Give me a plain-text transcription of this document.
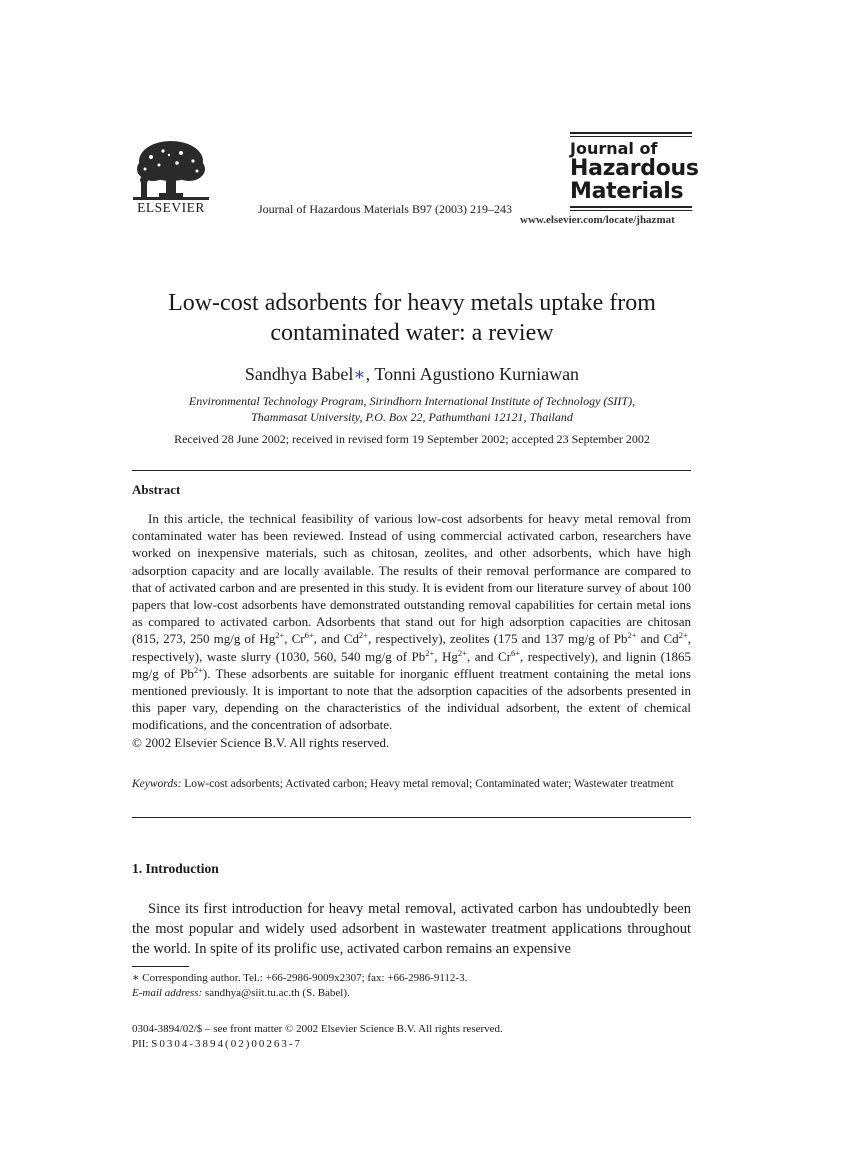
ELSEVIER	Journal of Hazardous Materials B97 (2003) 219–243
Journal of
Hazardous
Materials
www.elsevier.com/locate/jhazmat
Low-cost adsorbents for heavy metals uptake from
contaminated water: a review
Sandhya Babel∗, Tonni Agustiono Kurniawan
Environmental Technology Program, Sirindhorn International Institute of Technology (SIIT),
Thammasat University, P.O. Box 22, Pathumthani 12121, Thailand
Received 28 June 2002; received in revised form 19 September 2002; accepted 23 September 2002
Abstract

In this article, the technical feasibility of various low-cost adsorbents for heavy metal removal from contaminated water has been reviewed. Instead of using commercial activated carbon, researchers have worked on inexpensive materials, such as chitosan, zeolites, and other adsorbents, which have high adsorption capacity and are locally available. The results of their removal performance are compared to that of activated carbon and are presented in this study. It is evident from our literature survey of about 100 papers that low-cost adsorbents have demonstrated outstanding removal capabilities for certain metal ions as compared to activated carbon. Adsorbents that stand out for high adsorption capacities are chitosan (815, 273, 250 mg/g of $Hg^{2+}$, $Cr^{6+}$, and $Cd^{2+}$, respectively), zeolites (175 and 137 mg/g of $Pb^{2+}$ and $Cd^{2+}$, respectively), waste slurry (1030, 560, 540 mg/g of $Pb^{2+}$, $Hg^{2+}$, and $Cr^{6+}$, respectively), and lignin (1865 mg/g of $Pb^{2+}$). These adsorbents are suitable for inorganic effluent treatment containing the metal ions mentioned previously. It is important to note that the adsorption capacities of the adsorbents presented in this paper vary, depending on the characteristics of the individual adsorbent, the extent of chemical modifications, and the concentration of adsorbate.
© 2002 Elsevier Science B.V. All rights reserved.

Keywords: Low-cost adsorbents; Activated carbon; Heavy metal removal; Contaminated water; Wastewater treatment
1. Introduction

Since its first introduction for heavy metal removal, activated carbon has undoubtedly been the most popular and widely used adsorbent in wastewater treatment applications throughout the world. In spite of its prolific use, activated carbon remains an expensive

∗ Corresponding author. Tel.: +66-2986-9009x2307; fax: +66-2986-9112-3.
E-mail address: sandhya@siit.tu.ac.th (S. Babel).
0304-3894/02/$ – see front matter © 2002 Elsevier Science B.V. All rights reserved.
PII: S0304-3894(02)00263-7
